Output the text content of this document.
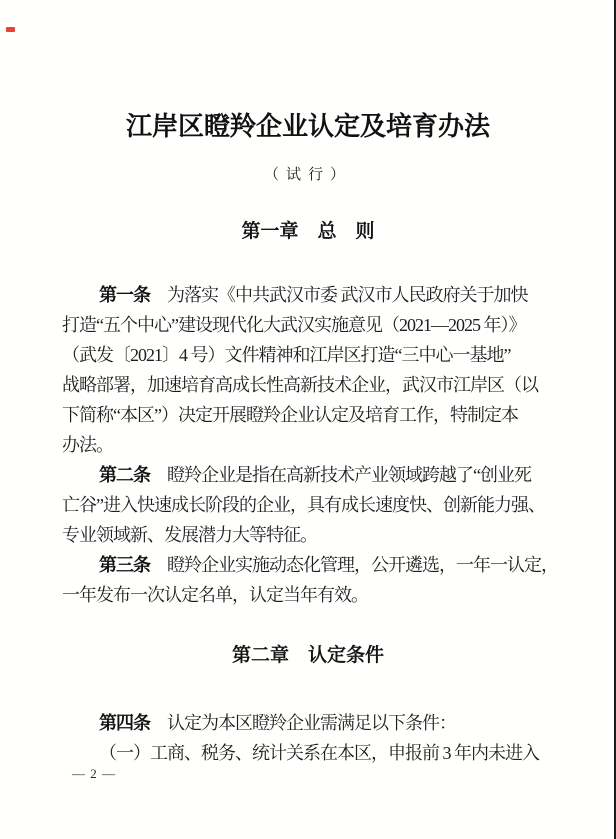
江岸区瞪羚企业认定及培育办法
（试行）
第一章　总　则
第一条　为落实《中共武汉市委 武汉市人民政府关于加快
打造“五个中心”建设现代化大武汉实施意见（2021—2025 年）》
（武发〔2021〕4 号）文件精神和江岸区打造“三中心一基地”
战略部署，加速培育高成长性高新技术企业，武汉市江岸区（以
下简称“本区”）决定开展瞪羚企业认定及培育工作，特制定本
办法。
第二条　瞪羚企业是指在高新技术产业领域跨越了“创业死
亡谷”进入快速成长阶段的企业，具有成长速度快、创新能力强、
专业领域新、发展潜力大等特征。
第三条　瞪羚企业实施动态化管理，公开遴选，一年一认定，
一年发布一次认定名单，认定当年有效。
第二章　认定条件
第四条　认定为本区瞪羚企业需满足以下条件：
（一）工商、税务、统计关系在本区，申报前 3 年内未进入
— 2 —
